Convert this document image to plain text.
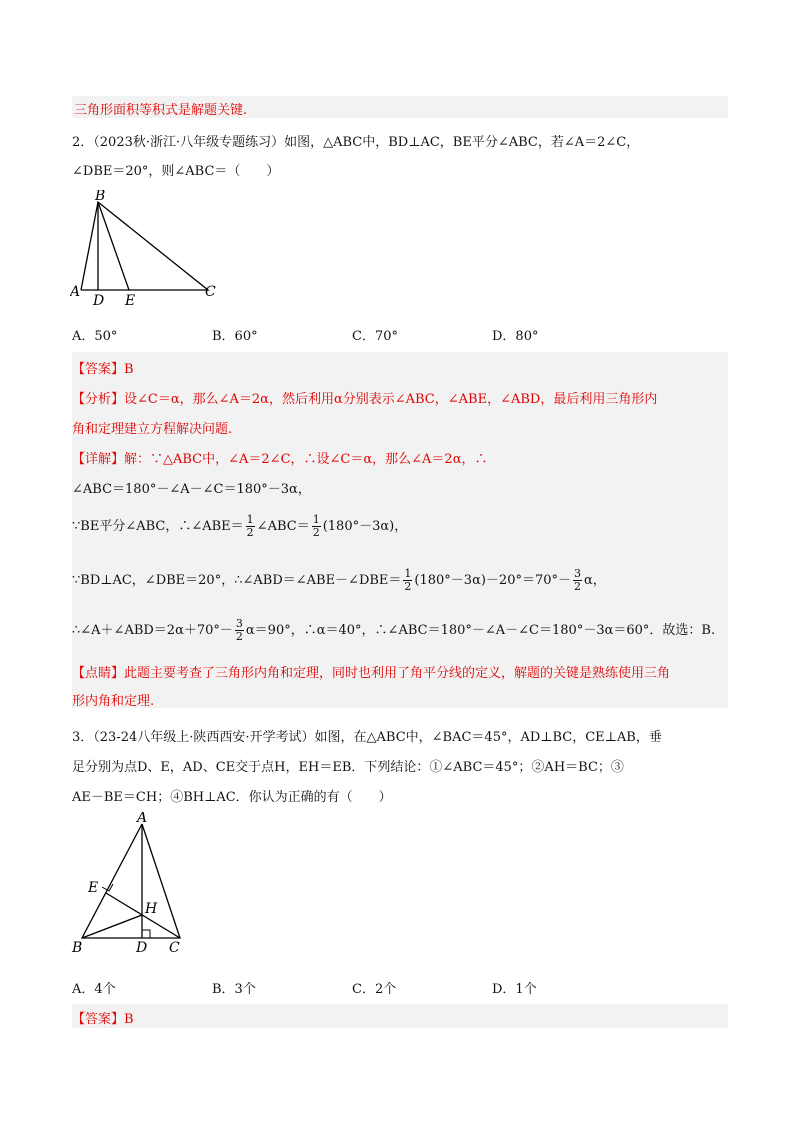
三角形面积等积式是解题关键.
2．（2023秋·浙江·八年级专题练习）如图，△ABC中，BD⊥AC，BE平分∠ABC，若∠A＝2∠C，
∠DBE＝20°，则∠ABC＝（　　）
B
A
D E
C
A．50°	B．60°	C．70°	D．80°
【答案】B
【分析】设∠C＝α，那么∠A＝2α，然后利用α分别表示∠ABC，∠ABE，∠ABD，最后利用三角形内
角和定理建立方程解决问题.
【详解】解：∵△ABC中，∠A＝2∠C，∴设∠C＝α，那么∠A＝2α，∴
∠ABC＝180°－∠A－∠C＝180°－3α，
∵BE平分∠ABC，∴∠ABE＝ $\frac{1}{2}$ ∠ABC＝ $\frac{1}{2} (180^\circ-3\alpha)$，
∵BD⊥AC，∠DBE＝20°，∴∠ABD＝∠ABE－∠DBE＝ $\frac{1}{2} (180^\circ-3\alpha)-20^\circ=70^\circ- \frac{3}{2}$ α，
∴∠A＋∠ABD＝2α＋70°－ $\frac{3}{2} \alpha=90^\circ$，∴α＝40°，∴∠ABC＝180°－∠A－∠C＝180°－3α＝60°．故选：B.
【点睛】此题主要考查了三角形内角和定理，同时也利用了角平分线的定义，解题的关键是熟练使用三角
形内角和定理.
3．（23-24八年级上·陕西西安·开学考试）如图，在△ABC中，∠BAC＝45°，AD⊥BC，CE⊥AB，垂
足分别为点D、E，AD、CE交于点H，EH＝EB．下列结论：①∠ABC＝45°；②AH＝BC；③
AE－BE＝CH；④BH⊥AC．你认为正确的有（　　）
A
E
H
B	D C
A．4个	B．3个	C．2个	D．1个
【答案】B
